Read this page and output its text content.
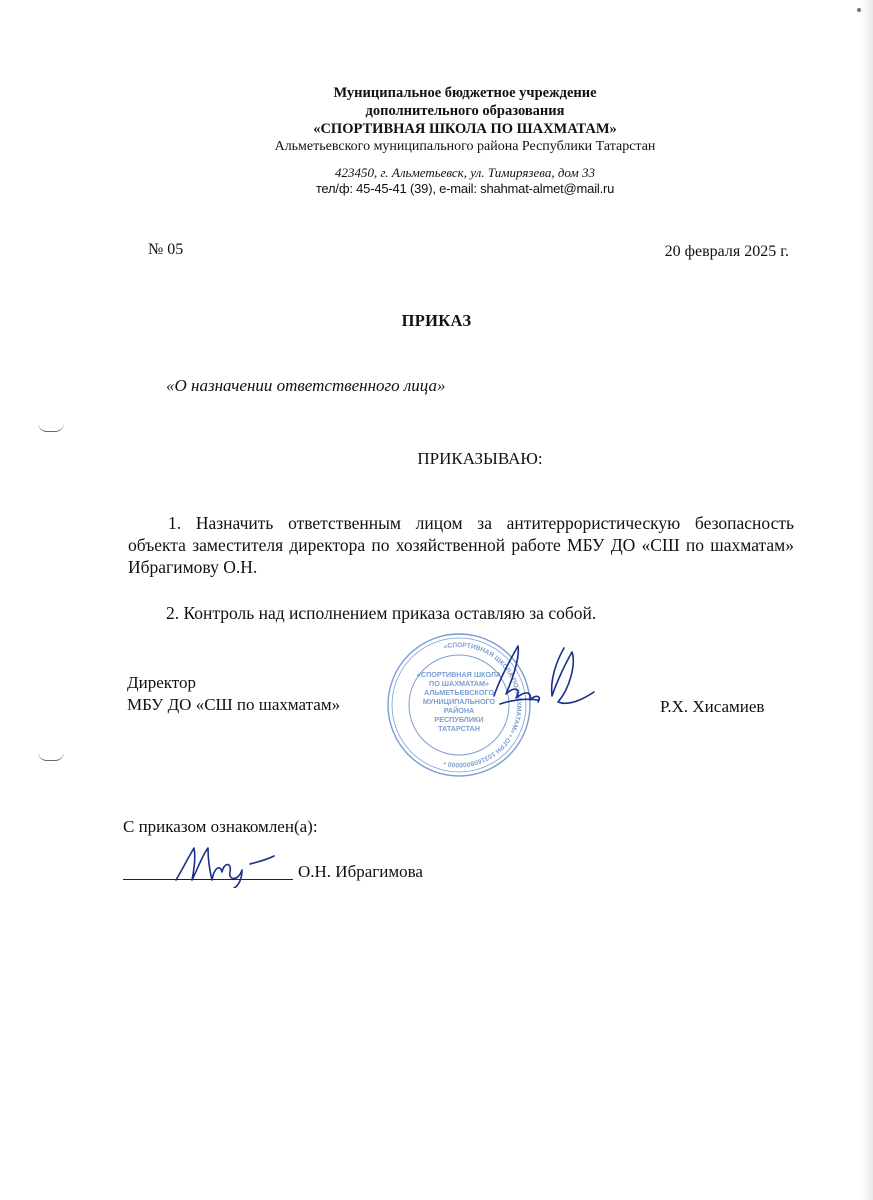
Муниципальное бюджетное учреждение
дополнительного образования
«СПОРТИВНАЯ ШКОЛА ПО ШАХМАТАМ»
Альметьевского муниципального района Республики Татарстан
423450, г. Альметьевск, ул. Тимирязева, дом 33
тел/ф: 45-45-41 (39), e-mail: shahmat-almet@mail.ru
№ 05	20 февраля 2025 г.
ПРИКАЗ
«О назначении ответственного лица»
ПРИКАЗЫВАЮ:
1. Назначить ответственным лицом за антитеррористическую безопасность объекта заместителя директора по хозяйственной работе МБУ ДО «СШ по шахматам» Ибрагимову О.Н.
2. Контроль над исполнением приказа оставляю за собой.
Директор
МБУ ДО «СШ по шахматам»	Р.Х. Хисамиев
«СПОРТИВНАЯ ШКОЛА ПО ШАХМАТАМ» • ОГРН 1031608000000 •
«СПОРТИВНАЯ ШКОЛА
ПО ШАХМАТАМ»
АЛЬМЕТЬЕВСКОГО
МУНИЦИПАЛЬНОГО
РАЙОНА
РЕСПУБЛИКИ
ТАТАРСТАН
С приказом ознакомлен(а):
О.Н. Ибрагимова
